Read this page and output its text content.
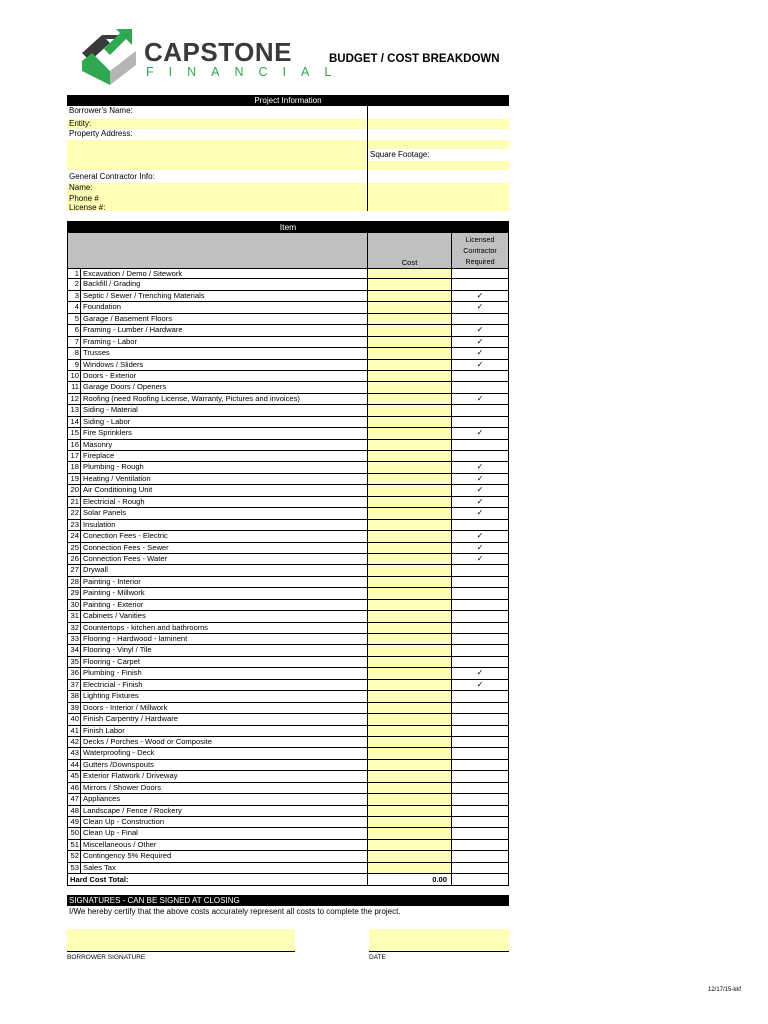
CAPSTONE
FINANCIAL
BUDGET / COST BREAKDOWN
Project Information
Borrower's Name:
Entity:
Property Address:
Square Footage:
General Contractor Info:
Name:
Phone #
License #:
Item
Cost
Licensed
Contractor
Required
1 Excavation / Demo / Sitework
2 Backfill / Grading
3 Septic / Sewer / Trenching Materials	✓
4 Foundation	✓
5 Garage / Basement Floors
6 Framing - Lumber / Hardware	✓
7 Framing - Labor	✓
8 Trusses	✓
9 Windows / Sliders	✓
10 Doors - Exterior
11 Garage Doors / Openers
12 Roofing (need Roofing License, Warranty, Pictures and invoices)	✓
13 Siding - Material
14 Siding - Labor
15 Fire Sprinklers	✓
16 Masonry
17 Fireplace
18 Plumbing - Rough	✓
19 Heating / Ventilation	✓
20 Air Conditioning Unit	✓
21 Electricial - Rough	✓
22 Solar Panels	✓
23 Insulation
24 Conection Fees - Electric	✓
25 Connection Fees - Sewer	✓
26 Connection Fees - Water	✓
27 Drywall
28 Painting - Interior
29 Painting - Millwork
30 Painting - Exterior
31 Cabinets / Vanities
32 Countertops - kitchen and bathrooms
33 Flooring - Hardwood - laminent
34 Flooring - Vinyl / Tile
35 Flooring - Carpet
36 Plumbing - Finish	✓
37 Electricial - Finish	✓
38 Lighting Fixtures
39 Doors - Interior / Millwork
40 Finish Carpentry / Hardware
41 Finish Labor
42 Decks / Porches - Wood or Composite
43 Waterproofing - Deck
44 Gutters /Downspouts
45 Exterior Flatwork / Driveway
46 Mirrors / Shower Doors
47 Appliances
48 Landscape / Fence / Rockery
49 Clean Up - Construction
50 Clean Up - Final
51 Miscellaneous / Other
52 Contingency 5% Required
53 Sales Tax
Hard Cost Total:	0.00
SIGNATURES - CAN BE SIGNED AT CLOSING
I/We hereby certify that the above costs accurately represent all costs to complete the project.
BORROWER SIGNATURE	DATE
12/17/15-kkf
